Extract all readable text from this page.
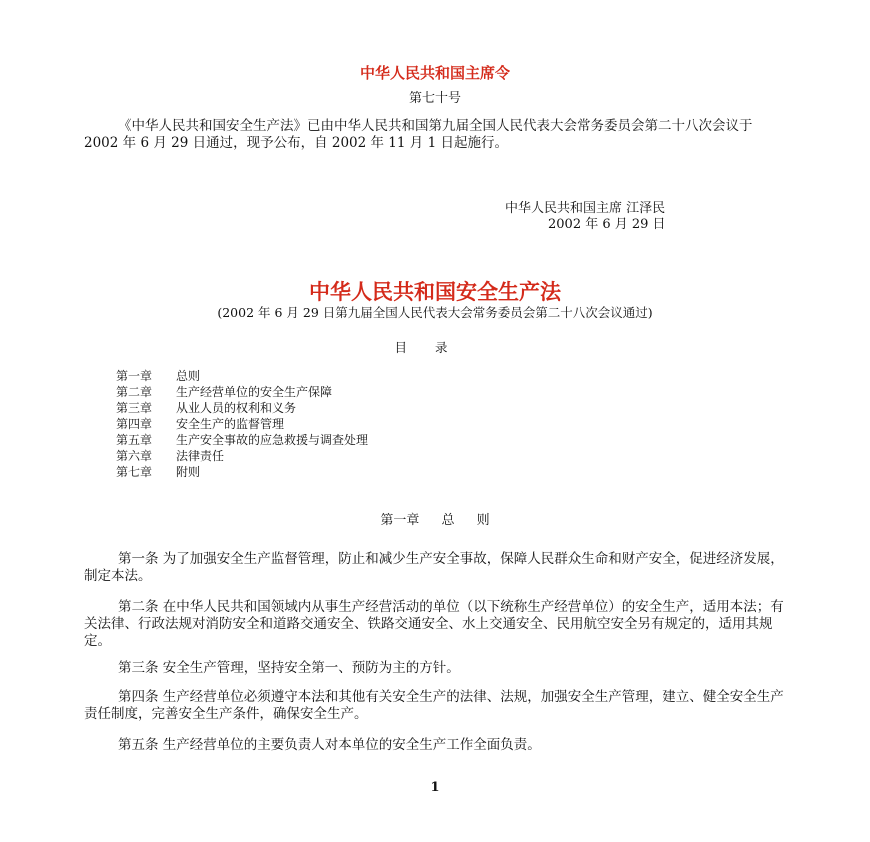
中华人民共和国主席令
第七十号
《中华人民共和国安全生产法》已由中华人民共和国第九届全国人民代表大会常务委员会第二十八次会议于 2002 年 6 月 29 日通过，现予公布，自 2002 年 11 月 1 日起施行。
中华人民共和国主席 江泽民
2002 年 6 月 29 日
中华人民共和国安全生产法
(2002 年 6 月 29 日第九届全国人民代表大会常务委员会第二十八次会议通过)
目录
第一章	总则
第二章	生产经营单位的安全生产保障
第三章	从业人员的权利和义务
第四章	安全生产的监督管理
第五章	生产安全事故的应急救援与调查处理
第六章	法律责任
第七章	附则
第一章 总 则
第一条 为了加强安全生产监督管理，防止和减少生产安全事故，保障人民群众生命和财产安全，促进经济发展，制定本法。
第二条 在中华人民共和国领域内从事生产经营活动的单位（以下统称生产经营单位）的安全生产，适用本法；有关法律、行政法规对消防安全和道路交通安全、铁路交通安全、水上交通安全、民用航空安全另有规定的，适用其规定。
第三条 安全生产管理，坚持安全第一、预防为主的方针。
第四条 生产经营单位必须遵守本法和其他有关安全生产的法律、法规，加强安全生产管理，建立、健全安全生产责任制度，完善安全生产条件，确保安全生产。
第五条 生产经营单位的主要负责人对本单位的安全生产工作全面负责。
1
